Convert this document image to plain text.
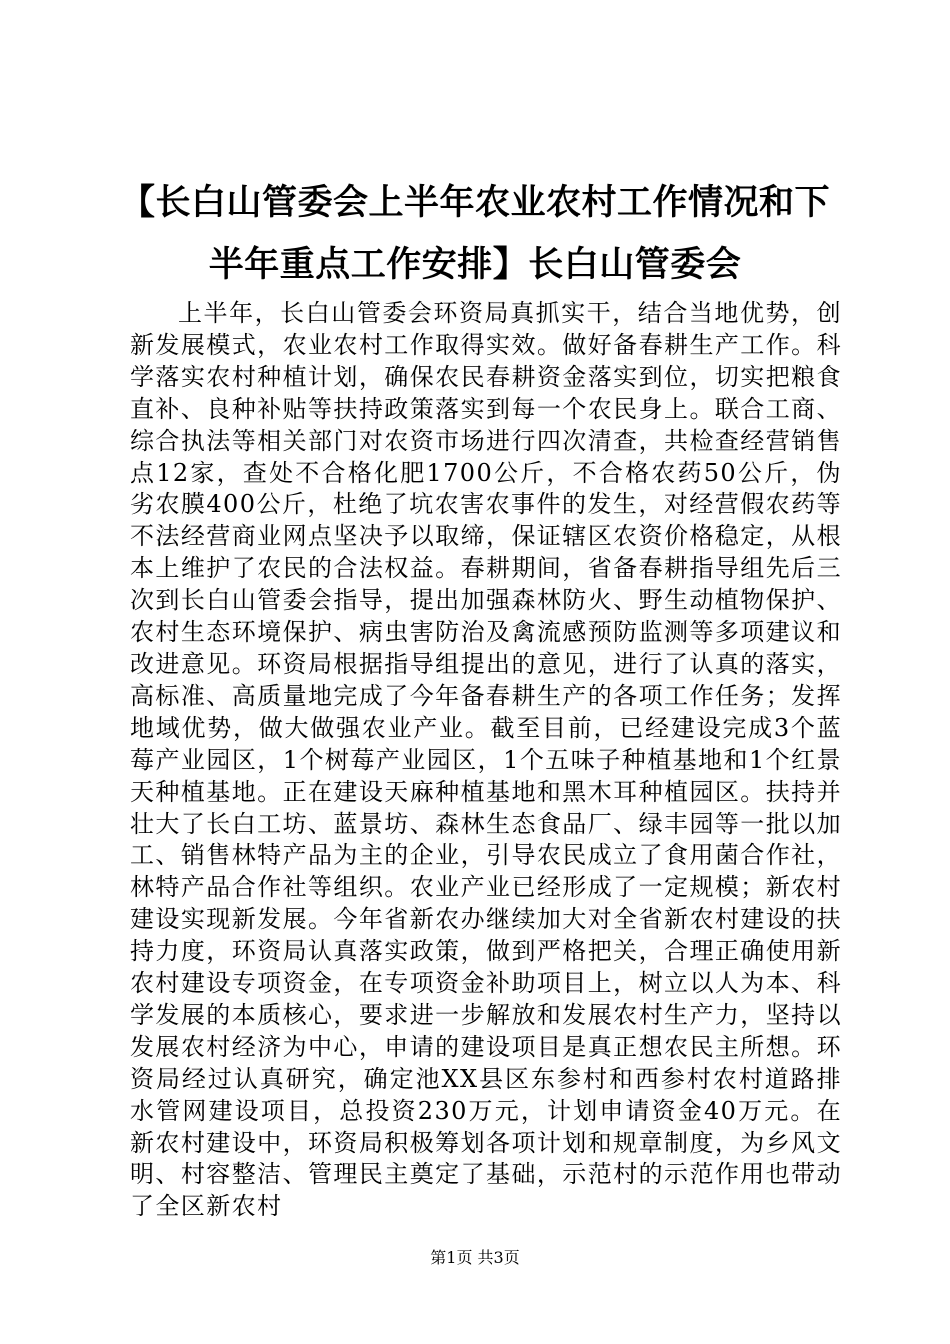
【长白山管委会上半年农业农村工作情况和下半年重点工作安排】长白山管委会

上半年，长白山管委会环资局真抓实干，结合当地优势，创新发展模式，农业农村工作取得实效。做好备春耕生产工作。科学落实农村种植计划，确保农民春耕资金落实到位，切实把粮食直补、良种补贴等扶持政策落实到每一个农民身上。联合工商、综合执法等相关部门对农资市场进行四次清查，共检查经营销售点12家，查处不合格化肥1700公斤，不合格农药50公斤，伪劣农膜400公斤，杜绝了坑农害农事件的发生，对经营假农药等不法经营商业网点坚决予以取缔，保证辖区农资价格稳定，从根本上维护了农民的合法权益。春耕期间，省备春耕指导组先后三次到长白山管委会指导，提出加强森林防火、野生动植物保护、农村生态环境保护、病虫害防治及禽流感预防监测等多项建议和改进意见。环资局根据指导组提出的意见，进行了认真的落实，高标准、高质量地完成了今年备春耕生产的各项工作任务；发挥地域优势，做大做强农业产业。截至目前，已经建设完成3个蓝莓产业园区，1个树莓产业园区，1个五味子种植基地和1个红景天种植基地。正在建设天麻种植基地和黑木耳种植园区。扶持并壮大了长白工坊、蓝景坊、森林生态食品厂、绿丰园等一批以加工、销售林特产品为主的企业，引导农民成立了食用菌合作社，林特产品合作社等组织。农业产业已经形成了一定规模；新农村建设实现新发展。今年省新农办继续加大对全省新农村建设的扶持力度，环资局认真落实政策，做到严格把关，合理正确使用新农村建设专项资金，在专项资金补助项目上，树立以人为本、科学发展的本质核心，要求进一步解放和发展农村生产力，坚持以发展农村经济为中心，申请的建设项目是真正想农民主所想。环资局经过认真研究，确定池XX县区东参村和西参村农村道路排水管网建设项目，总投资230万元，计划申请资金40万元。在新农村建设中，环资局积极筹划各项计划和规章制度，为乡风文明、村容整洁、管理民主奠定了基础，示范村的示范作用也带动了全区新农村

第1页 共3页
